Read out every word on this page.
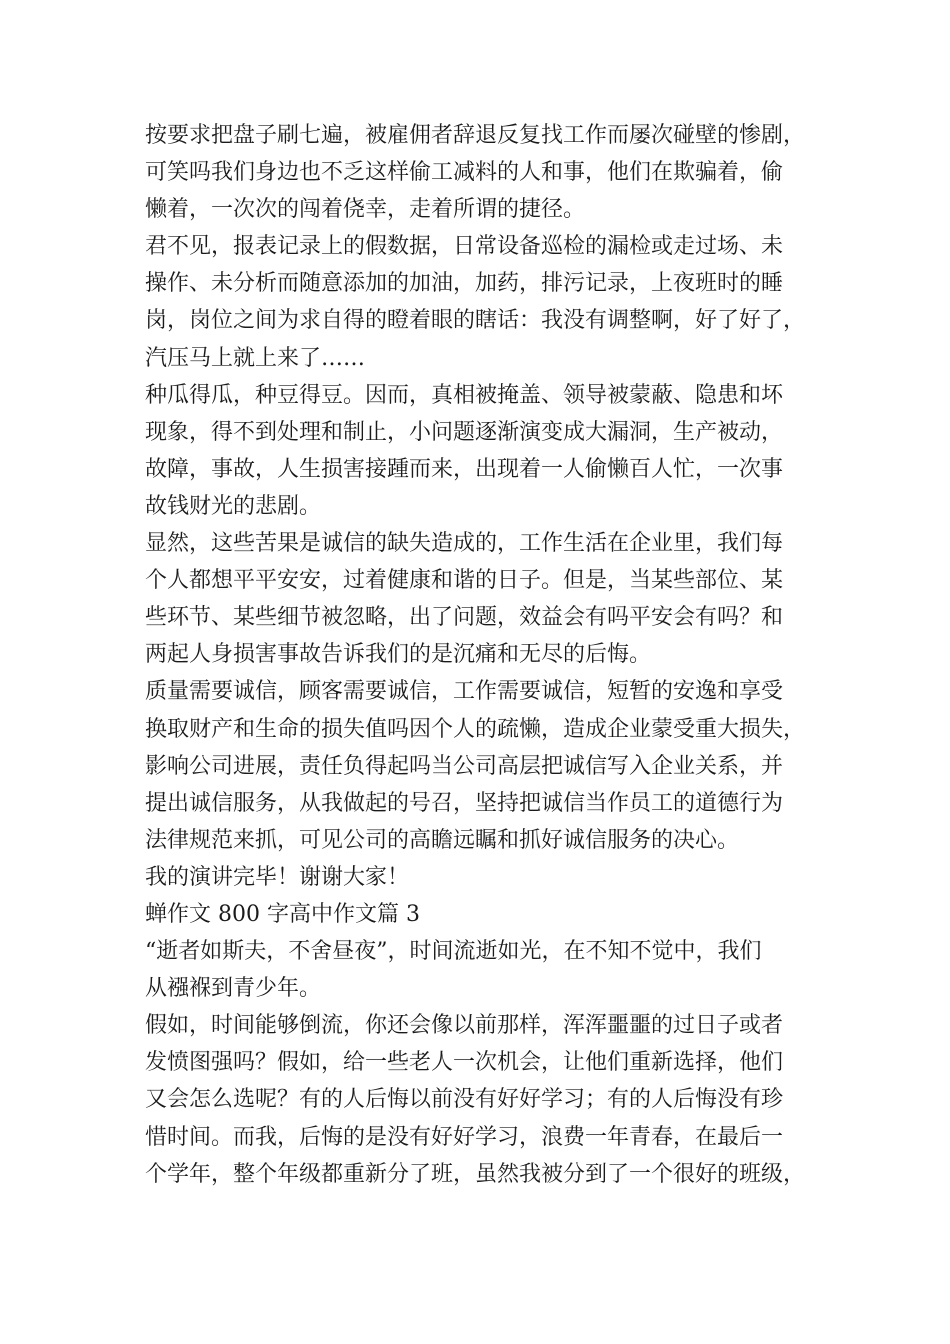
按要求把盘子刷七遍，被雇佣者辞退反复找工作而屡次碰壁的惨剧，
可笑吗我们身边也不乏这样偷工减料的人和事，他们在欺骗着，偷
懒着，一次次的闯着侥幸，走着所谓的捷径。
君不见，报表记录上的假数据，日常设备巡检的漏检或走过场、未
操作、未分析而随意添加的加油，加药，排污记录，上夜班时的睡
岗，岗位之间为求自得的瞪着眼的瞎话：我没有调整啊，好了好了，
汽压马上就上来了……
种瓜得瓜，种豆得豆。因而，真相被掩盖、领导被蒙蔽、隐患和坏
现象，得不到处理和制止，小问题逐渐演变成大漏洞，生产被动，
故障，事故，人生损害接踵而来，出现着一人偷懒百人忙，一次事
故钱财光的悲剧。
显然，这些苦果是诚信的缺失造成的，工作生活在企业里，我们每
个人都想平平安安，过着健康和谐的日子。但是，当某些部位、某
些环节、某些细节被忽略，出了问题，效益会有吗平安会有吗？和
两起人身损害事故告诉我们的是沉痛和无尽的后悔。
质量需要诚信，顾客需要诚信，工作需要诚信，短暂的安逸和享受
换取财产和生命的损失值吗因个人的疏懒，造成企业蒙受重大损失，
影响公司进展，责任负得起吗当公司高层把诚信写入企业关系，并
提出诚信服务，从我做起的号召，坚持把诚信当作员工的道德行为
法律规范来抓，可见公司的高瞻远瞩和抓好诚信服务的决心。
我的演讲完毕！谢谢大家！
蝉作文 800 字高中作文篇 3
“逝者如斯夫，不舍昼夜”，时间流逝如光，在不知不觉中，我们
从襁褓到青少年。
假如，时间能够倒流，你还会像以前那样，浑浑噩噩的过日子或者
发愤图强吗？假如，给一些老人一次机会，让他们重新选择，他们
又会怎么选呢？有的人后悔以前没有好好学习；有的人后悔没有珍
惜时间。而我，后悔的是没有好好学习，浪费一年青春，在最后一
个学年，整个年级都重新分了班，虽然我被分到了一个很好的班级，
